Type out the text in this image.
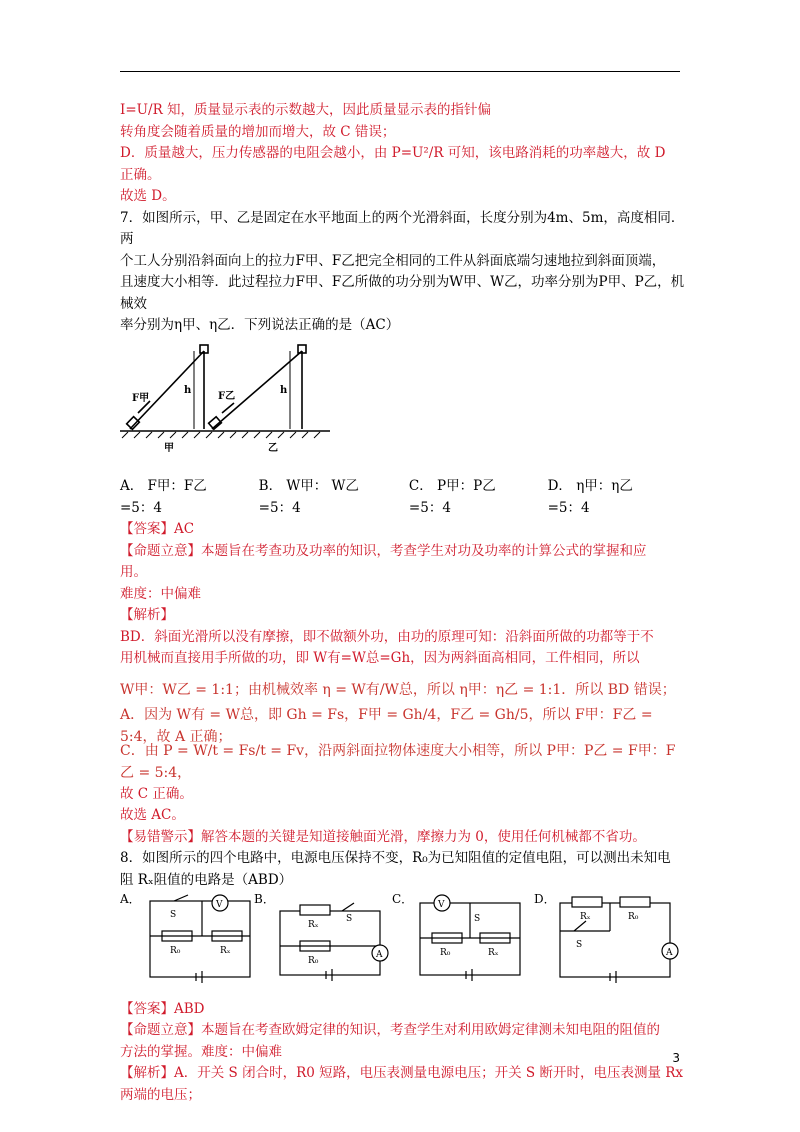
I=U/R 知，质量显示表的示数越大，因此质量显示表的指针偏

转角度会随着质量的增加而增大，故 C 错误；

D．质量越大，压力传感器的电阻会越小，由 P=U²/R 可知，该电路消耗的功率越大，故 D

正确。

故选 D。

7．如图所示，甲、乙是固定在水平地面上的两个光滑斜面，长度分别为4m、5m，高度相同．两

个工人分别沿斜面向上的拉力F甲、F乙把完全相同的工件从斜面底端匀速地拉到斜面顶端，

且速度大小相等．此过程拉力F甲、F乙所做的功分别为W甲、W乙，功率分别为P甲、P乙，机械效

率分别为η甲、η乙．下列说法正确的是（AC）

F甲	F乙
h	h
甲	乙
A． F甲：F乙=5：4
B． W甲： W乙=5：4
C． P甲：P乙=5：4
D． η甲：η乙=5：4

【答案】AC

【命题立意】本题旨在考查功及功率的知识，考查学生对功及功率的计算公式的掌握和应

用。

难度：中偏难

【解析】

BD．斜面光滑所以没有摩擦，即不做额外功，由功的原理可知：沿斜面所做的功都等于不

用机械而直接用手所做的功，即 W有=W总=Gh，因为两斜面高相同，工件相同，所以

W甲：W乙 = 1:1；由机械效率 η = W有/W总，所以 η甲：η乙 = 1:1．所以 BD 错误；
A．因为 W有 = W总，即 Gh = Fs，F甲 = Gh/4，F乙 = Gh/5，所以 F甲：F乙 = 5:4，故 A 正确；
C．由 P = W/t = Fs/t = Fv，沿两斜面拉物体速度大小相等，所以 P甲：P乙 = F甲：F乙 = 5:4，

故 C 正确。

故选 AC。

【易错警示】解答本题的关键是知道接触面光滑，摩擦力为 0，使用任何机械都不省功。

8．如图所示的四个电路中，电源电压保持不变，R₀为已知阻值的定值电阻，可以测出未知电

阻 Rₓ阻值的电路是（ABD）

A．	B．	C．	D．
V	V
A	A
S	S	S
S
R₀	Rₓ
Rₓ
R₀
R₀	Rₓ
Rₓ	R₀

【答案】ABD

【命题立意】本题旨在考查欧姆定律的知识，考查学生对利用欧姆定律测未知电阻的阻值的

方法的掌握。难度：中偏难

【解析】A．开关 S 闭合时，R0 短路，电压表测量电源电压；开关 S 断开时，电压表测量 Rx

两端的电压；

3
